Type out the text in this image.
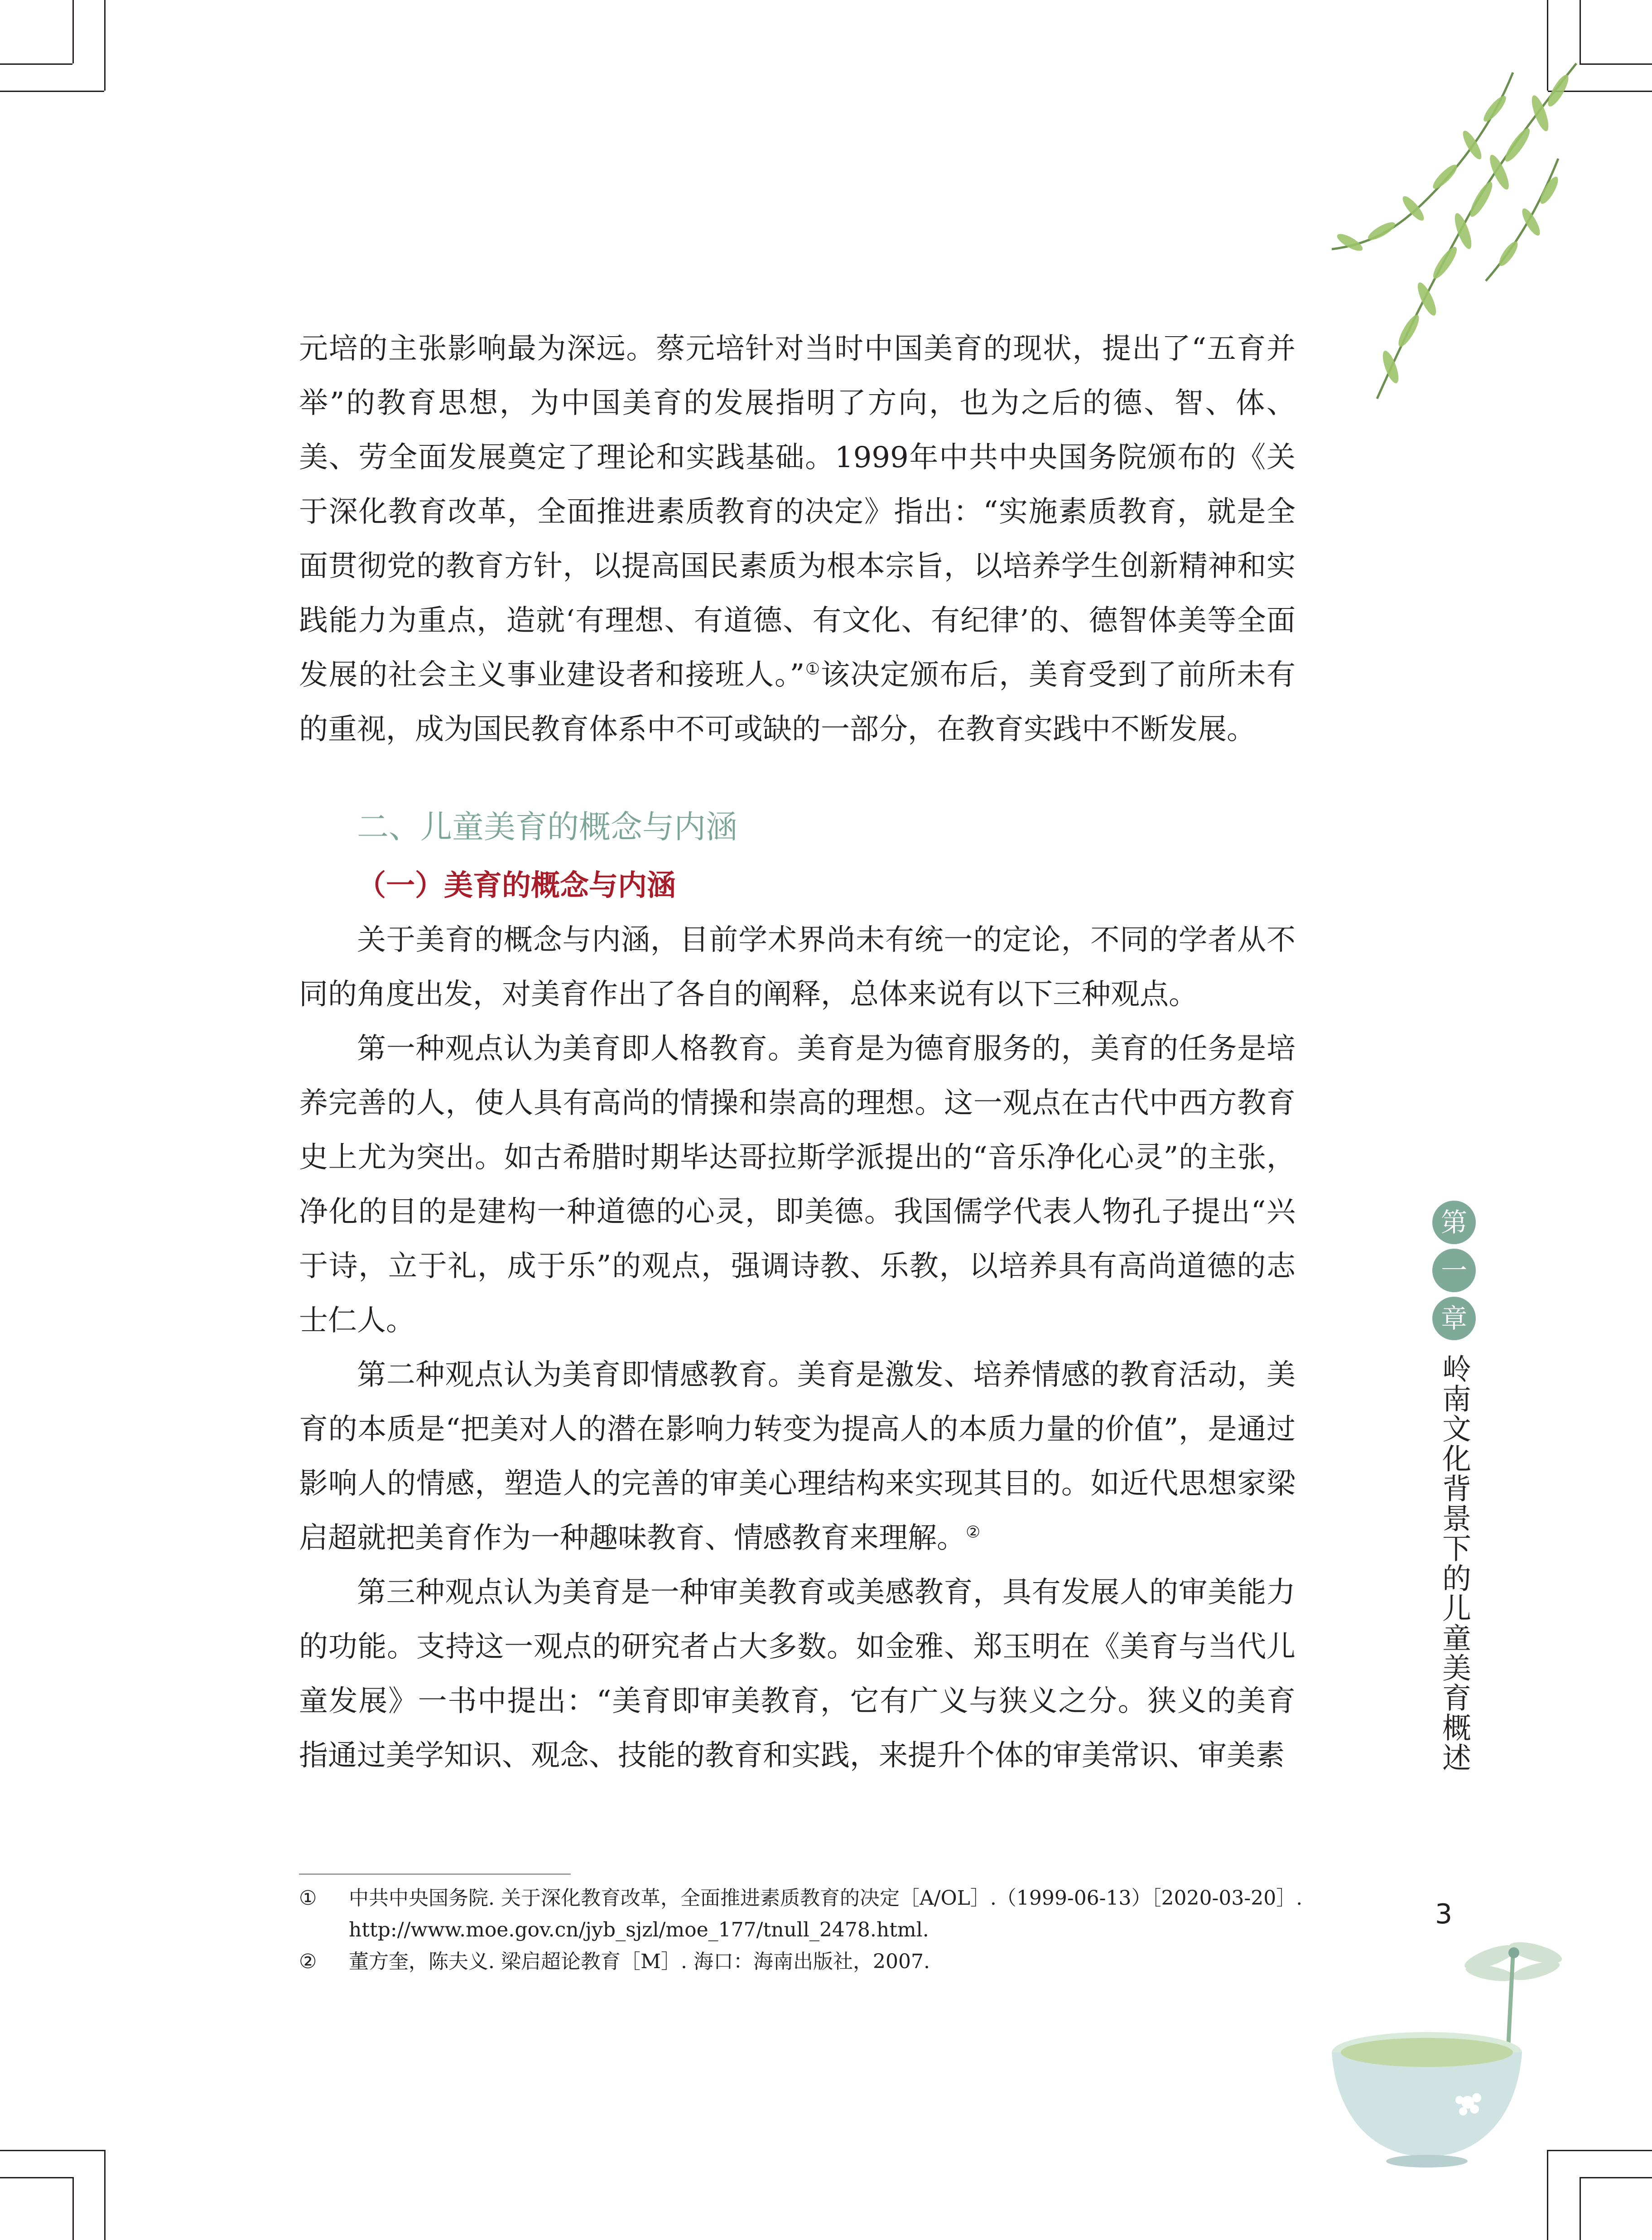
元培的主张影响最为深远。蔡元培针对当时中国美育的现状，提出了“五育并举”的教育思想，为中国美育的发展指明了方向，也为之后的德、智、体、美、劳全面发展奠定了理论和实践基础。1999年中共中央国务院颁布的《关于深化教育改革，全面推进素质教育的决定》指出：“实施素质教育，就是全面贯彻党的教育方针，以提高国民素质为根本宗旨，以培养学生创新精神和实践能力为重点，造就‘有理想、有道德、有文化、有纪律’的、德智体美等全面发展的社会主义事业建设者和接班人。”①该决定颁布后，美育受到了前所未有的重视，成为国民教育体系中不可或缺的一部分，在教育实践中不断发展。

二、儿童美育的概念与内涵
（一）美育的概念与内涵

关于美育的概念与内涵，目前学术界尚未有统一的定论，不同的学者从不同的角度出发，对美育作出了各自的阐释，总体来说有以下三种观点。

第一种观点认为美育即人格教育。美育是为德育服务的，美育的任务是培养完善的人，使人具有高尚的情操和崇高的理想。这一观点在古代中西方教育史上尤为突出。如古希腊时期毕达哥拉斯学派提出的“音乐净化心灵”的主张，净化的目的是建构一种道德的心灵，即美德。我国儒学代表人物孔子提出“兴于诗，立于礼，成于乐”的观点，强调诗教、乐教，以培养具有高尚道德的志士仁人。

第二种观点认为美育即情感教育。美育是激发、培养情感的教育活动，美育的本质是“把美对人的潜在影响力转变为提高人的本质力量的价值”，是通过影响人的情感，塑造人的完善的审美心理结构来实现其目的。如近代思想家梁启超就把美育作为一种趣味教育、情感教育来理解。②

第三种观点认为美育是一种审美教育或美感教育，具有发展人的审美能力的功能。支持这一观点的研究者占大多数。如金雅、郑玉明在《美育与当代儿童发展》一书中提出：“美育即审美教育，它有广义与狭义之分。狭义的美育指通过美学知识、观念、技能的教育和实践，来提升个体的审美常识、审美素

① 中共中央国务院. 关于深化教育改革，全面推进素质教育的决定［A/OL］.（1999-06-13）［2020-03-20］. http://www.moe.gov.cn/jyb_sjzl/moe_177/tnull_2478.html.

② 董方奎，陈夫义. 梁启超论教育［M］. 海口：海南出版社，2007.

第
一
章
岭南文化背景下的儿童美育概述
3
